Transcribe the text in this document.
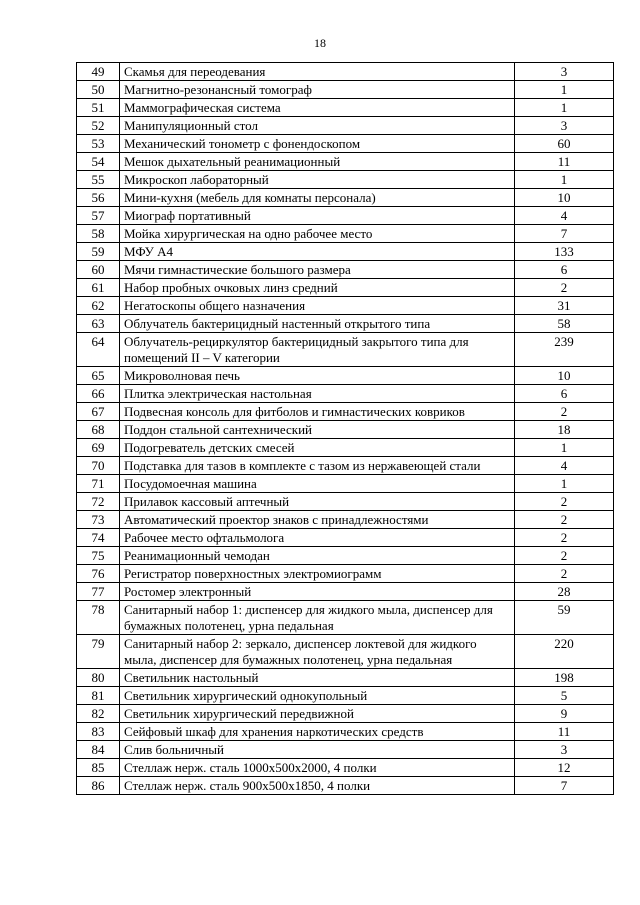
18
49	Скамья для переодевания	3
50	Магнитно-резонансный томограф	1
51	Маммографическая система	1
52	Манипуляционный стол	3
53	Механический тонометр с фонендоскопом	60
54	Мешок дыхательный реанимационный	11
55	Микроскоп лабораторный	1
56	Мини-кухня (мебель для комнаты персонала)	10
57	Миограф портативный	4
58	Мойка хирургическая на одно рабочее место	7
59	МФУ А4	133
60	Мячи гимнастические большого размера	6
61	Набор пробных очковых линз средний	2
62	Негатоскопы общего назначения	31
63	Облучатель бактерицидный настенный открытого типа	58
64	Облучатель-рециркулятор бактерицидный закрытого типа для помещений II – V категории	239
65	Микроволновая печь	10
66	Плитка электрическая настольная	6
67	Подвесная консоль для фитболов и гимнастических ковриков	2
68	Поддон стальной сантехнический	18
69	Подогреватель детских смесей	1
70	Подставка для тазов в комплекте с тазом из нержавеющей стали	4
71	Посудомоечная машина	1
72	Прилавок кассовый аптечный	2
73	Автоматический проектор знаков с принадлежностями	2
74	Рабочее место офтальмолога	2
75	Реанимационный чемодан	2
76	Регистратор поверхностных электромиограмм	2
77	Ростомер электронный	28
78	Санитарный набор 1: диспенсер для жидкого мыла, диспенсер для бумажных полотенец, урна педальная	59
79	Санитарный набор 2: зеркало, диспенсер локтевой для жидкого мыла, диспенсер для бумажных полотенец, урна педальная	220
80	Светильник настольный	198
81	Светильник хирургический однокупольный	5
82	Светильник хирургический передвижной	9
83	Сейфовый шкаф для хранения наркотических средств	11
84	Слив больничный	3
85	Стеллаж нерж. сталь 1000х500х2000, 4 полки	12
86	Стеллаж нерж. сталь 900х500х1850, 4 полки	7
